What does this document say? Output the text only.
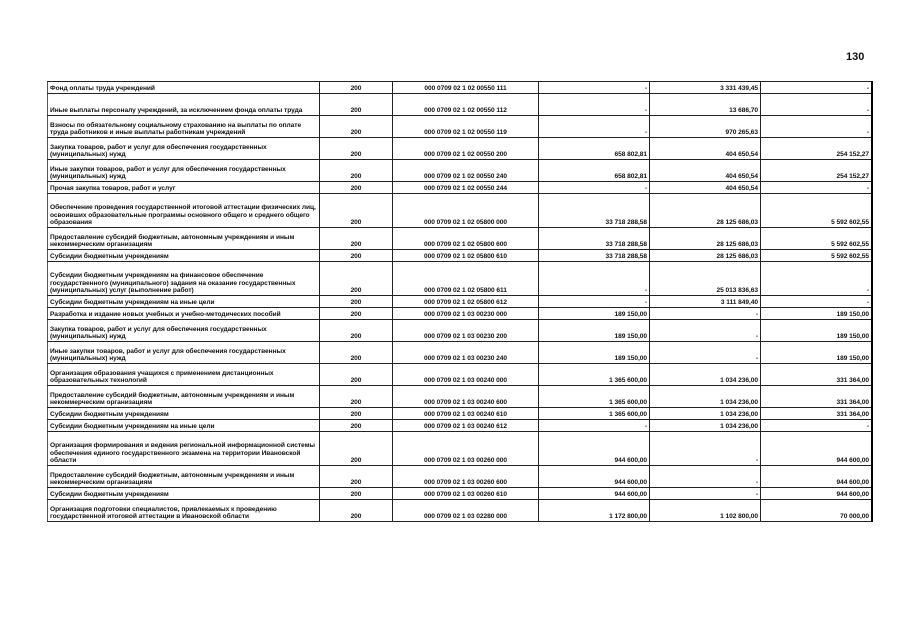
130
Фонд оплаты труда учреждений	200	000 0709 02 1 02 00550 111	-	3 331 439,45	-
Иные выплаты персоналу учреждений, за исключением фонда оплаты труда	200	000 0709 02 1 02 00550 112	-	13 686,70	-
Взносы по обязательному социальному страхованию на выплаты по оплате труда работников и иные выплаты работникам учреждений	200	000 0709 02 1 02 00550 119	-	970 265,63	-
Закупка товаров, работ и услуг для обеспечения государственных (муниципальных) нужд	200	000 0709 02 1 02 00550 200	658 802,81	404 650,54	254 152,27
Иные закупки товаров, работ и услуг для обеспечения государственных (муниципальных) нужд	200	000 0709 02 1 02 00550 240	658 802,81	404 650,54	254 152,27
Прочая закупка товаров, работ и услуг	200	000 0709 02 1 02 00550 244	-	404 650,54	-
Обеспечение проведения государственной итоговой аттестации физических лиц, освоивших образовательные программы основного общего и среднего общего образования	200	000 0709 02 1 02 05800 000	33 718 288,58	28 125 686,03	5 592 602,55
Предоставление субсидий бюджетным, автономным учреждениям и иным некоммерческим организациям	200	000 0709 02 1 02 05800 600	33 718 288,58	28 125 686,03	5 592 602,55
Субсидии бюджетным учреждениям	200	000 0709 02 1 02 05800 610	33 718 288,58	28 125 686,03	5 592 602,55
Субсидии бюджетным учреждениям на финансовое обеспечение государственного (муниципального) задания на оказание государственных (муниципальных) услуг (выполнение работ)	200	000 0709 02 1 02 05800 611	-	25 013 836,63	-
Субсидии бюджетным учреждениям на иные цели	200	000 0709 02 1 02 05800 612	-	3 111 849,40	-
Разработка и издание новых учебных и учебно-методических пособий	200	000 0709 02 1 03 00230 000	189 150,00	-	189 150,00
Закупка товаров, работ и услуг для обеспечения государственных (муниципальных) нужд	200	000 0709 02 1 03 00230 200	189 150,00	-	189 150,00
Иные закупки товаров, работ и услуг для обеспечения государственных (муниципальных) нужд	200	000 0709 02 1 03 00230 240	189 150,00	-	189 150,00
Организация образования учащихся с применением дистанционных образовательных технологий	200	000 0709 02 1 03 00240 000	1 365 600,00	1 034 236,00	331 364,00
Предоставление субсидий бюджетным, автономным учреждениям и иным некоммерческим организациям	200	000 0709 02 1 03 00240 600	1 365 600,00	1 034 236,00	331 364,00
Субсидии бюджетным учреждениям	200	000 0709 02 1 03 00240 610	1 365 600,00	1 034 236,00	331 364,00
Субсидии бюджетным учреждениям на иные цели	200	000 0709 02 1 03 00240 612	-	1 034 236,00	-
Организация формирования и ведения региональной информационной системы обеспечения единого государственного экзамена на территории Ивановской области	200	000 0709 02 1 03 00260 000	944 600,00	-	944 600,00
Предоставление субсидий бюджетным, автономным учреждениям и иным некоммерческим организациям	200	000 0709 02 1 03 00260 600	944 600,00	-	944 600,00
Субсидии бюджетным учреждениям	200	000 0709 02 1 03 00260 610	944 600,00	-	944 600,00
Организация подготовки специалистов, привлекаемых к проведению государственной итоговой аттестации в Ивановской области	200	000 0709 02 1 03 02280 000	1 172 800,00	1 102 800,00	70 000,00
